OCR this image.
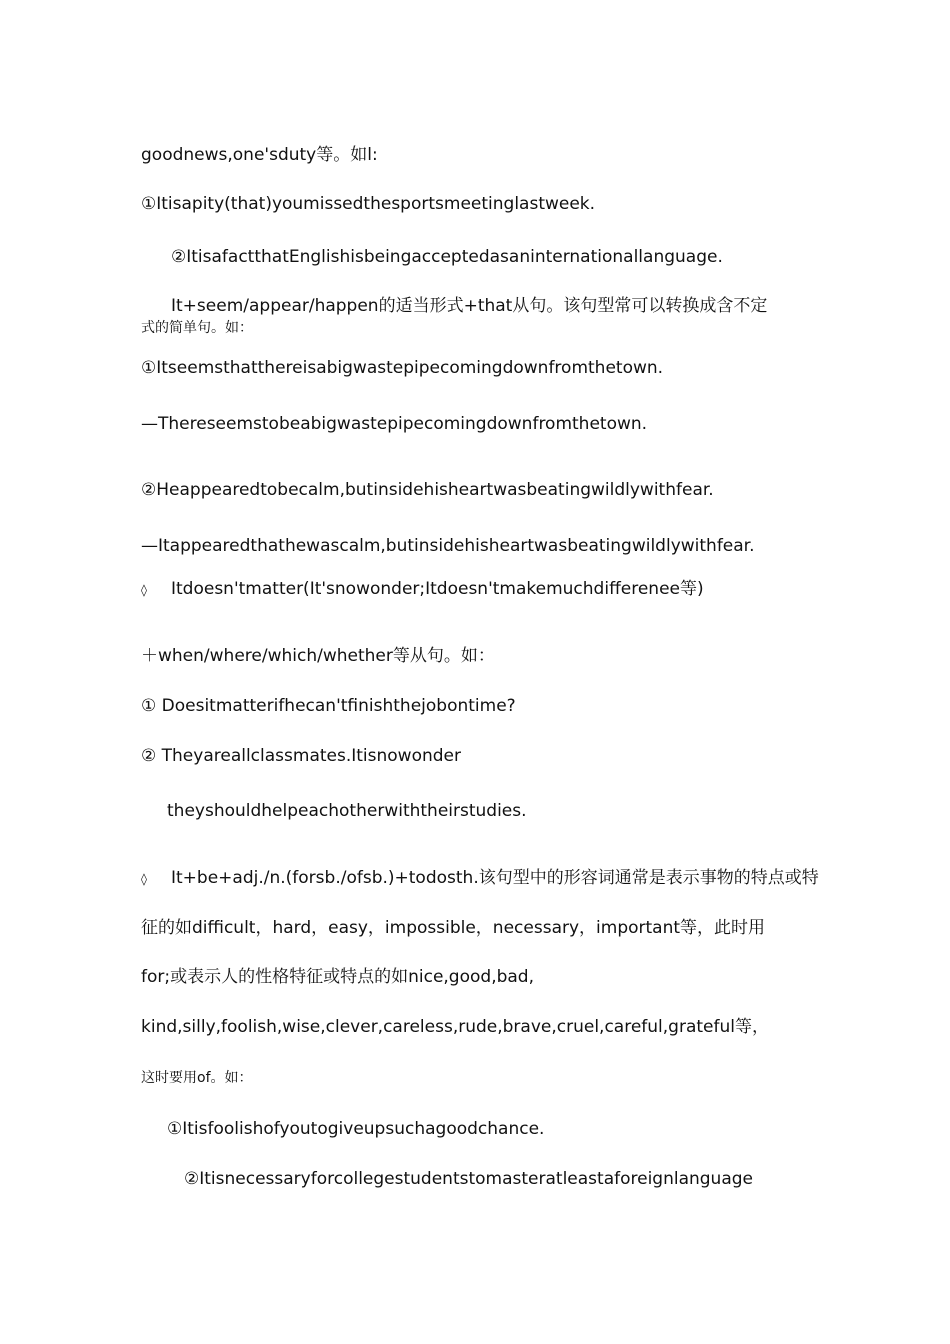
goodnews,one'sduty等。如l:
①Itisapity(that)youmissedthesportsmeetinglastweek.
②ItisafactthatEnglishisbeingacceptedasaninternationallanguage.
It+seem/appear/happen的适当形式+that从句。该句型常可以转换成含不定
式的简单句。如：
①Itseemsthatthereisabigwastepipecomingdownfromthetown.
—Thereseemstobeabigwastepipecomingdownfromthetown.
②Heappearedtobecalm,butinsidehisheartwasbeatingwildlywithfear.
—Itappearedthathewascalm,butinsidehisheartwasbeatingwildlywithfear.
◊ Itdoesn'tmatter(It'snowonder;Itdoesn'tmakemuchdifferenee等)
＋when/where/which/whether等从句。如：
① Doesitmatterifhecan'tfinishthejobontime?
② Theyareallclassmates.Itisnowonder
theyshouldhelpeachotherwiththeirstudies.
◊ It+be+adj./n.(forsb./ofsb.)+todosth.该句型中的形容词通常是表示事物的特点或特
征的如difficult，hard，easy，impossible，necessary，important等，此时用
for;或表示人的性格特征或特点的如nice,good,bad,
kind,silly,foolish,wise,clever,careless,rude,brave,cruel,careful,grateful等，
这时要用of。如：
①Itisfoolishofyoutogiveupsuchagoodchance.
②Itisnecessaryforcollegestudentstomasteratleastaforeignlanguage
